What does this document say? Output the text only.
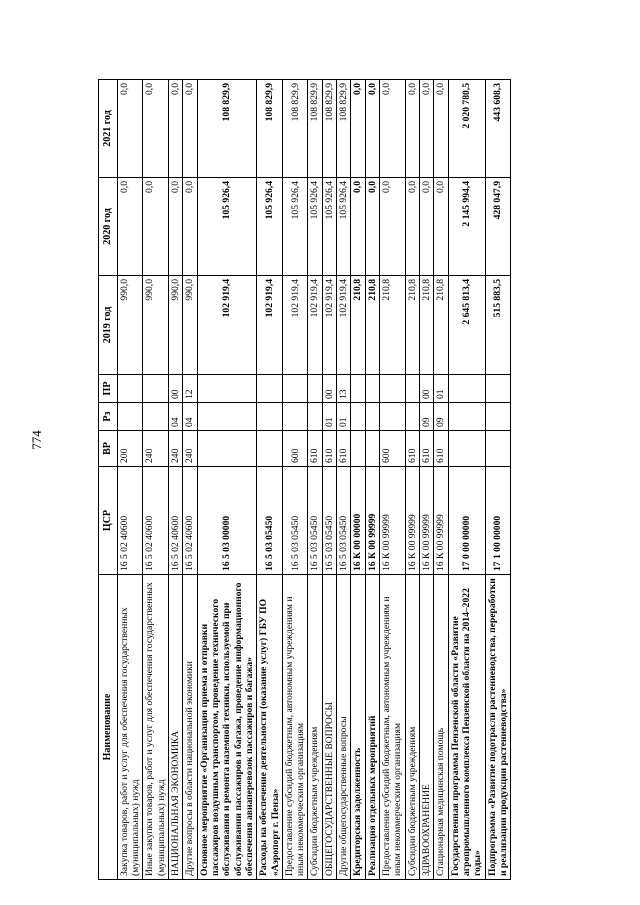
774
Наименование	ЦСР	ВР	Рз	ПР	2019 год	2020 год	2021 год
Закупка товаров, работ и услуг для обеспечения государственных (муниципальных) нужд	16 5 02 40600	200			990,0	0,0	0,0
Иные закупки товаров, работ и услуг для обеспечения государственных (муниципальных) нужд	16 5 02 40600	240			990,0	0,0	0,0
НАЦИОНАЛЬНАЯ ЭКОНОМИКА	16 5 02 40600	240	04	00	990,0	0,0	0,0
Другие вопросы в области национальной экономики	16 5 02 40600	240	04	12	990,0	0,0	0,0
Основное мероприятие «Организация приема и отправки пассажиров воздушным транспортом, проведение технического обслуживания и ремонта наземной техники, используемой при обслуживании пассажиров и багажа, проведение информационного обеспечения авиаперевозок пассажиров и багажа»	16 5 03 00000				102 919,4	105 926,4	108 829,9
Расходы на обеспечение деятельности (оказание услуг) ГБУ ПО «Аэропорт г. Пенза»	16 5 03 05450				102 919,4	105 926,4	108 829,9
Предоставление субсидий бюджетным, автономным учреждениям и иным некоммерческим организациям	16 5 03 05450	600			102 919,4	105 926,4	108 829,9
Субсидии бюджетным учреждениям	16 5 03 05450	610			102 919,4	105 926,4	108 829,9
ОБЩЕГОСУДАРСТВЕННЫЕ ВОПРОСЫ	16 5 03 05450	610	01	00	102 919,4	105 926,4	108 829,9
Другие общегосударственные вопросы	16 5 03 05450	610	01	13	102 919,4	105 926,4	108 829,9
Кредиторская задолженность	16 К 00 00000				210,8	0,0	0,0
Реализация отдельных мероприятий	16 К 00 99999				210,8	0,0	0,0
Предоставление субсидий бюджетным, автономным учреждениям и иным некоммерческим организациям	16 К 00 99999	600			210,8	0,0	0,0
Субсидии бюджетным учреждениям	16 К 00 99999	610			210,8	0,0	0,0
ЗДРАВООХРАНЕНИЕ	16 К 00 99999	610	09	00	210,8	0,0	0,0
Стационарная медицинская помощь	16 К 00 99999	610	09	01	210,8	0,0	0,0
Государственная программа Пензенской области «Развитие агропромышленного комплекса Пензенской области на 2014–2022 годы»	17 0 00 00000				2 645 813,4	2 145 994,4	2 020 780,5
Подпрограмма «Развитие подотрасли растениеводства, переработки и реализации продукции растениеводства»	17 1 00 00000				515 883,5	428 047,9	443 608,3
